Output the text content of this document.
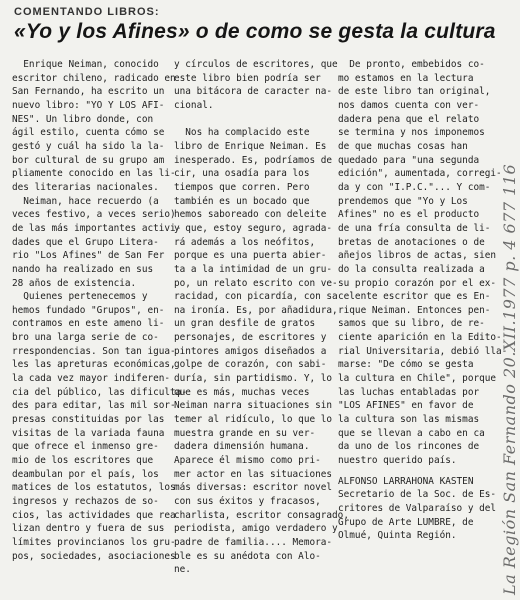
COMENTANDO LIBROS:
«Yo y los Afines» o de como se gesta la cultura

Enrique Neiman, conocido

escritor chileno, radicado en

San Fernando, ha escrito un

nuevo libro: "YO Y LOS AFI-

NES". Un libro donde, con

ágil estilo, cuenta cómo se

gestó y cuál ha sido la la-

bor cultural de su grupo am

pliamente conocido en las li-

des literarias nacionales.

Neiman, hace recuerdo (a

veces festivo, a veces serio)

de las más importantes activi-

dades que el Grupo Litera-

rio "Los Afines" de San Fer

nando ha realizado en sus

28 años de existencia.

Quienes pertenecemos y

hemos fundado "Grupos", en-

contramos en este ameno li-

bro una larga serie de co-

rrespondencias. Son tan igua-

les las apreturas económicas,

la cada vez mayor indiferen-

cia del público, las dificulta-

des para editar, las mil sor-

presas constituidas por las

visitas de la variada fauna

que ofrece el inmenso gre-

mio de los escritores que

deambulan por el país, los

matices de los estatutos, los

ingresos y rechazos de so-

cios, las actividades que rea

lizan dentro y fuera de sus

límites provincianos los gru-

pos, sociedades, asociaciones

y círculos de escritores, que

este libro bien podría ser

una bitácora de caracter na-

cional.

Nos ha complacido este

libro de Enrique Neiman. Es

inesperado. Es, podríamos de

cir, una osadía para los

tiempos que corren. Pero

también es un bocado que

hemos saboreado con deleite

y que, estoy seguro, agrada-

rá además a los neófitos,

porque es una puerta abier-

ta a la intimidad de un gru-

po, un relato escrito con ve-

racidad, con picardía, con sa

na ironía. Es, por añadidura,

un gran desfile de gratos

personajes, de escritores y

pintores amigos diseñados a

golpe de corazón, con sabi-

duría, sin partidismo. Y, lo

que es más, muchas veces

Neiman narra situaciones sin

temer al ridículo, lo que lo

muestra grande en su ver-

dadera dimensión humana.

Aparece él mismo como pri-

mer actor en las situaciones

más diversas: escritor novel

con sus éxitos y fracasos,

charlista, escritor consagrado,

periodista, amigo verdadero y

padre de familia.... Memora-

ble es su anédota con Alo-

ne.

De pronto, embebidos co-

mo estamos en la lectura

de este libro tan original,

nos damos cuenta con ver-

dadera pena que el relato

se termina y nos imponemos

de que muchas cosas han

quedado para "una segunda

edición", aumentada, corregi-

da y con "I.P.C."... Y com-

prendemos que "Yo y Los

Afines" no es el producto

de una fría consulta de li-

bretas de anotaciones o de

añejos libros de actas, sien

do la consulta realizada a

su propio corazón por el ex-

celente escritor que es En-

rique Neiman. Entonces pen-

samos que su libro, de re-

ciente aparición en la Edito-

rial Universitaria, debió lla-

marse: "De cómo se gesta

la cultura en Chile", porque

las luchas entabladas por

"LOS AFINES" en favor de

la cultura son las mismas

que se llevan a cabo en ca

da uno de los rincones de

nuestro querido país.

ALFONSO LARRAHONA KASTEN

Secretario de la Soc. de Es-

critores de Valparaíso y del

Grupo de Arte LUMBRE, de

Olmué, Quinta Región.	La Región San Fernando 20.XII.1977 p. 4 677 116
